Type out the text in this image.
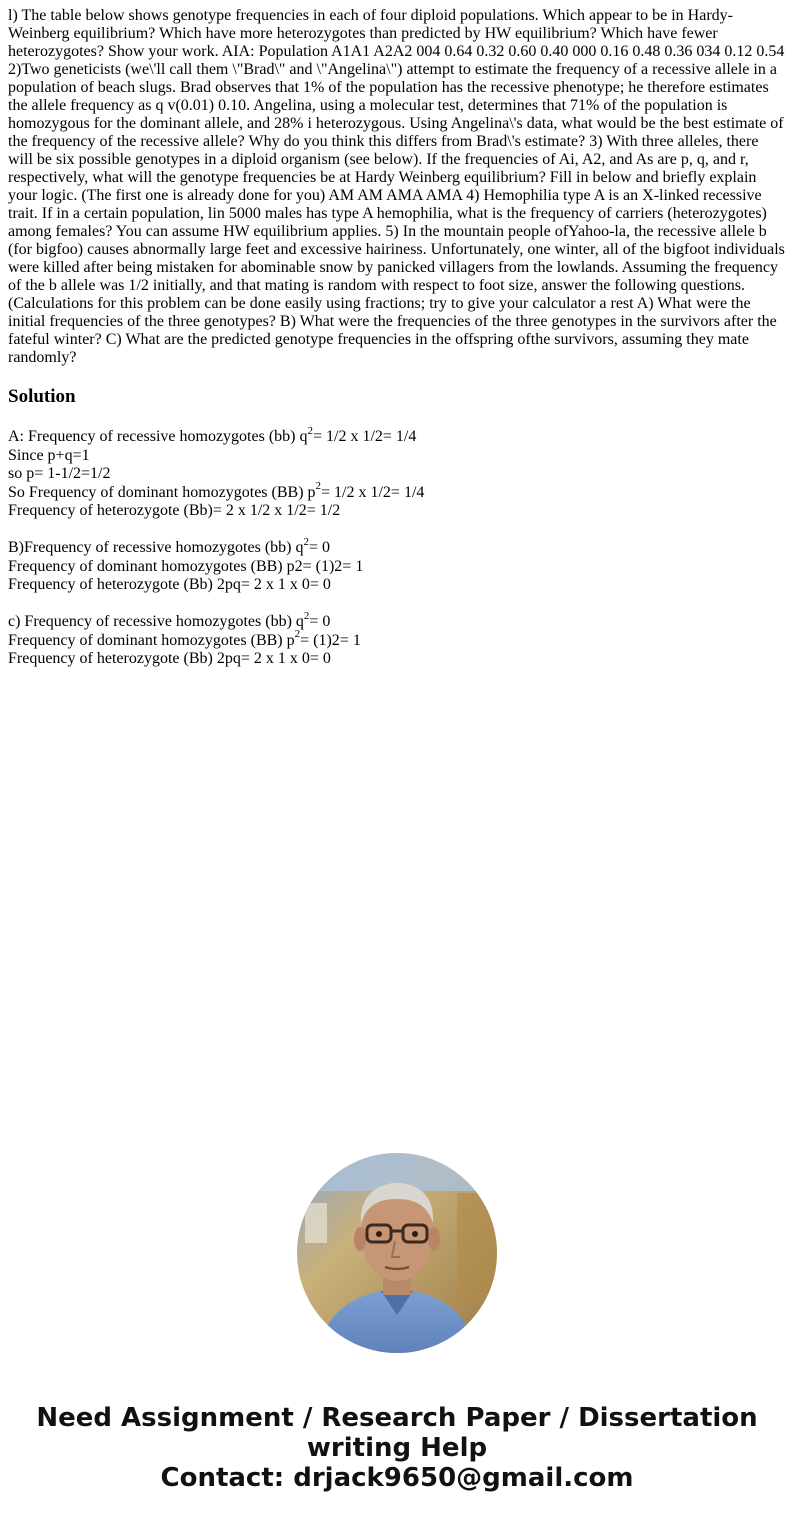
l) The table below shows genotype frequencies in each of four diploid populations. Which appear to be in Hardy-Weinberg equilibrium? Which have more heterozygotes than predicted by HW equilibrium? Which have fewer heterozygotes? Show your work. AIA: Population A1A1 A2A2 004 0.64 0.32 0.60 0.40 000 0.16 0.48 0.36 034 0.12 0.54 2)Two geneticists (we\'ll call them \"Brad\" and \"Angelina\") attempt to estimate the frequency of a recessive allele in a population of beach slugs. Brad observes that 1% of the population has the recessive phenotype; he therefore estimates the allele frequency as q v(0.01) 0.10. Angelina, using a molecular test, determines that 71% of the population is homozygous for the dominant allele, and 28% i heterozygous. Using Angelina\'s data, what would be the best estimate of the frequency of the recessive allele? Why do you think this differs from Brad\'s estimate? 3) With three alleles, there will be six possible genotypes in a diploid organism (see below). If the frequencies of Ai, A2, and As are p, q, and r, respectively, what will the genotype frequencies be at Hardy Weinberg equilibrium? Fill in below and briefly explain your logic. (The first one is already done for you) AM AM AMA AMA 4) Hemophilia type A is an X-linked recessive trait. If in a certain population, lin 5000 males has type A hemophilia, what is the frequency of carriers (heterozygotes) among females? You can assume HW equilibrium applies. 5) In the mountain people ofYahoo-la, the recessive allele b (for bigfoo) causes abnormally large feet and excessive hairiness. Unfortunately, one winter, all of the bigfoot individuals were killed after being mistaken for abominable snow by panicked villagers from the lowlands. Assuming the frequency of the b allele was 1/2 initially, and that mating is random with respect to foot size, answer the following questions. (Calculations for this problem can be done easily using fractions; try to give your calculator a rest A) What were the initial frequencies of the three genotypes? B) What were the frequencies of the three genotypes in the survivors after the fateful winter? C) What are the predicted genotype frequencies in the offspring ofthe survivors, assuming they mate randomly?

Solution
A: Frequency of recessive homozygotes (bb) $q^2= 1/2$ x 1/2= 1/4
Since p+q=1
so p= 1-1/2=1/2
So Frequency of dominant homozygotes (BB) $p^2= 1/2$ x 1/2= 1/4
Frequency of heterozygote (Bb)= 2 x 1/2 x 1/2= 1/2
B)Frequency of recessive homozygotes (bb) $q^2= 0$
Frequency of dominant homozygotes (BB) p2= (1)2= 1
Frequency of heterozygote (Bb) 2pq= 2 x 1 x 0= 0
c) Frequency of recessive homozygotes (bb) $q^2= 0$
Frequency of dominant homozygotes (BB) $p^2= (1)2= 1$
Frequency of heterozygote (Bb) 2pq= 2 x 1 x 0= 0
Need Assignment / Research Paper / Dissertation
writing Help
Contact: drjack9650@gmail.com
